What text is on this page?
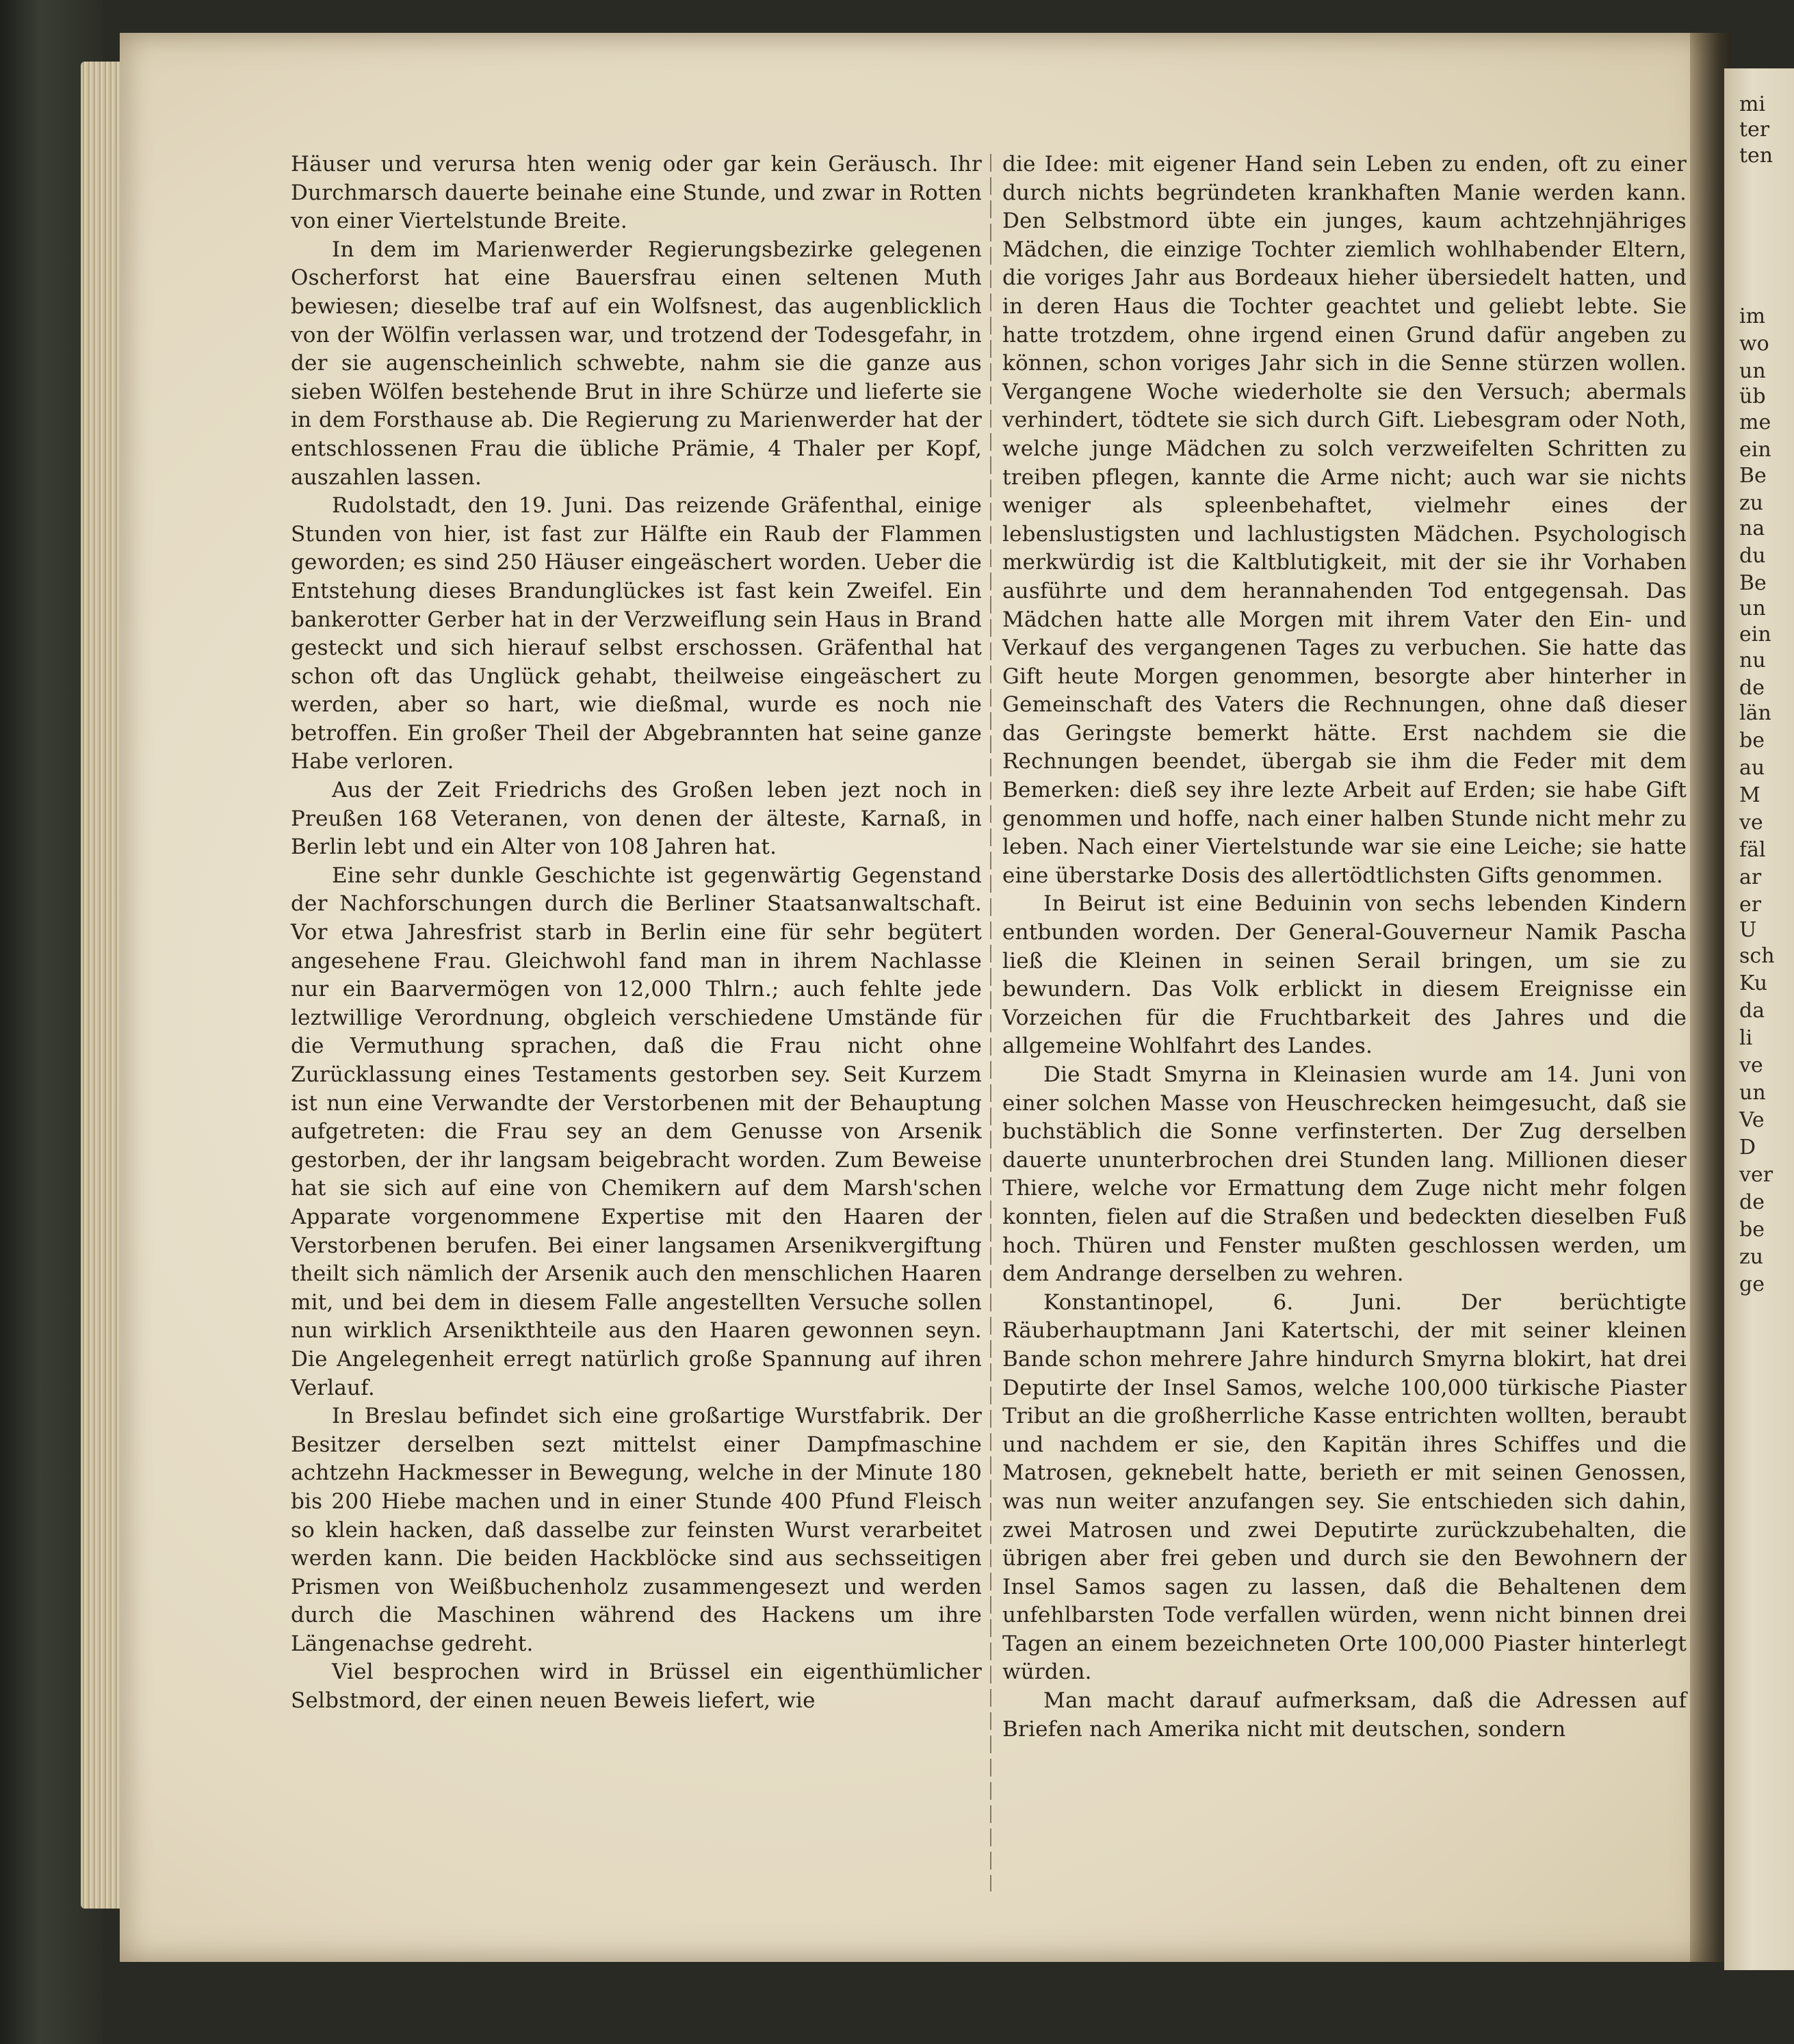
Häuser und verursa hten wenig oder gar kein Geräusch. Ihr Durchmarsch dauerte beinahe eine Stunde, und zwar in Rotten von einer Viertelstunde Breite.

In dem im Marienwerder Regierungsbezirke gelegenen Oscherforst hat eine Bauersfrau einen seltenen Muth bewiesen; dieselbe traf auf ein Wolfsnest, das augenblicklich von der Wölfin verlassen war, und trotzend der Todesgefahr, in der sie augenscheinlich schwebte, nahm sie die ganze aus sieben Wölfen bestehende Brut in ihre Schürze und lieferte sie in dem Forsthause ab. Die Regierung zu Marienwerder hat der entschlossenen Frau die übliche Prämie, 4 Thaler per Kopf, auszahlen lassen.

Rudolstadt, den 19. Juni. Das reizende Gräfenthal, einige Stunden von hier, ist fast zur Hälfte ein Raub der Flammen geworden; es sind 250 Häuser eingeäschert worden. Ueber die Entstehung dieses Brandunglückes ist fast kein Zweifel. Ein bankerotter Gerber hat in der Verzweiflung sein Haus in Brand gesteckt und sich hierauf selbst erschossen. Gräfenthal hat schon oft das Unglück gehabt, theilweise eingeäschert zu werden, aber so hart, wie dießmal, wurde es noch nie betroffen. Ein großer Theil der Abgebrannten hat seine ganze Habe verloren.

Aus der Zeit Friedrichs des Großen leben jezt noch in Preußen 168 Veteranen, von denen der älteste, Karnaß, in Berlin lebt und ein Alter von 108 Jahren hat.

Eine sehr dunkle Geschichte ist gegenwärtig Gegenstand der Nachforschungen durch die Berliner Staatsanwaltschaft. Vor etwa Jahresfrist starb in Berlin eine für sehr begütert angesehene Frau. Gleichwohl fand man in ihrem Nachlasse nur ein Baarvermögen von 12,000 Thlrn.; auch fehlte jede leztwillige Verordnung, obgleich verschiedene Umstände für die Vermuthung sprachen, daß die Frau nicht ohne Zurücklassung eines Testaments gestorben sey. Seit Kurzem ist nun eine Verwandte der Verstorbenen mit der Behauptung aufgetreten: die Frau sey an dem Genusse von Arsenik gestorben, der ihr langsam beigebracht worden. Zum Beweise hat sie sich auf eine von Chemikern auf dem Marsh'schen Apparate vorgenommene Expertise mit den Haaren der Verstorbenen berufen. Bei einer langsamen Arsenikvergiftung theilt sich nämlich der Arsenik auch den menschlichen Haaren mit, und bei dem in diesem Falle angestellten Versuche sollen nun wirklich Arsenikthteile aus den Haaren gewonnen seyn. Die Angelegenheit erregt natürlich große Spannung auf ihren Verlauf.

In Breslau befindet sich eine großartige Wurstfabrik. Der Besitzer derselben sezt mittelst einer Dampfmaschine achtzehn Hackmesser in Bewegung, welche in der Minute 180 bis 200 Hiebe machen und in einer Stunde 400 Pfund Fleisch so klein hacken, daß dasselbe zur feinsten Wurst verarbeitet werden kann. Die beiden Hackblöcke sind aus sechsseitigen Prismen von Weißbuchenholz zusammengesezt und werden durch die Maschinen während des Hackens um ihre Längenachse gedreht.

Viel besprochen wird in Brüssel ein eigenthümlicher Selbstmord, der einen neuen Beweis liefert, wie

die Idee: mit eigener Hand sein Leben zu enden, oft zu einer durch nichts begründeten krankhaften Manie werden kann. Den Selbstmord übte ein junges, kaum achtzehnjähriges Mädchen, die einzige Tochter ziemlich wohlhabender Eltern, die voriges Jahr aus Bordeaux hieher übersiedelt hatten, und in deren Haus die Tochter geachtet und geliebt lebte. Sie hatte trotzdem, ohne irgend einen Grund dafür angeben zu können, schon voriges Jahr sich in die Senne stürzen wollen. Vergangene Woche wiederholte sie den Versuch; abermals verhindert, tödtete sie sich durch Gift. Liebesgram oder Noth, welche junge Mädchen zu solch verzweifelten Schritten zu treiben pflegen, kannte die Arme nicht; auch war sie nichts weniger als spleenbehaftet, vielmehr eines der lebenslustigsten und lachlustigsten Mädchen. Psychologisch merkwürdig ist die Kaltblutigkeit, mit der sie ihr Vorhaben ausführte und dem herannahenden Tod entgegensah. Das Mädchen hatte alle Morgen mit ihrem Vater den Ein- und Verkauf des vergangenen Tages zu verbuchen. Sie hatte das Gift heute Morgen genommen, besorgte aber hinterher in Gemeinschaft des Vaters die Rechnungen, ohne daß dieser das Geringste bemerkt hätte. Erst nachdem sie die Rechnungen beendet, übergab sie ihm die Feder mit dem Bemerken: dieß sey ihre lezte Arbeit auf Erden; sie habe Gift genommen und hoffe, nach einer halben Stunde nicht mehr zu leben. Nach einer Viertelstunde war sie eine Leiche; sie hatte eine überstarke Dosis des allertödtlichsten Gifts genommen.

In Beirut ist eine Beduinin von sechs lebenden Kindern entbunden worden. Der General-Gouverneur Namik Pascha ließ die Kleinen in seinen Serail bringen, um sie zu bewundern. Das Volk erblickt in diesem Ereignisse ein Vorzeichen für die Fruchtbarkeit des Jahres und die allgemeine Wohlfahrt des Landes.

Die Stadt Smyrna in Kleinasien wurde am 14. Juni von einer solchen Masse von Heuschrecken heimgesucht, daß sie buchstäblich die Sonne verfinsterten. Der Zug derselben dauerte ununterbrochen drei Stunden lang. Millionen dieser Thiere, welche vor Ermattung dem Zuge nicht mehr folgen konnten, fielen auf die Straßen und bedeckten dieselben Fuß hoch. Thüren und Fenster mußten geschlossen werden, um dem Andrange derselben zu wehren.

Konstantinopel, 6. Juni. Der berüchtigte Räuberhauptmann Jani Katertschi, der mit seiner kleinen Bande schon mehrere Jahre hindurch Smyrna blokirt, hat drei Deputirte der Insel Samos, welche 100,000 türkische Piaster Tribut an die großherrliche Kasse entrichten wollten, beraubt und nachdem er sie, den Kapitän ihres Schiffes und die Matrosen, geknebelt hatte, berieth er mit seinen Genossen, was nun weiter anzufangen sey. Sie entschieden sich dahin, zwei Matrosen und zwei Deputirte zurückzubehalten, die übrigen aber frei geben und durch sie den Bewohnern der Insel Samos sagen zu lassen, daß die Behaltenen dem unfehlbarsten Tode verfallen würden, wenn nicht binnen drei Tagen an einem bezeichneten Orte 100,000 Piaster hinterlegt würden.

Man macht darauf aufmerksam, daß die Adressen auf Briefen nach Amerika nicht mit deutschen, sondern

mi
ter
ten
im
wo
un
üb
me
ein
Be
zu
na
du
Be
un
ein
nu
de
län
be
au
M
ve
fäl
ar
er
U
sch
Ku
da
li
ve
un
Ve
D
ver
de
be
zu
ge
